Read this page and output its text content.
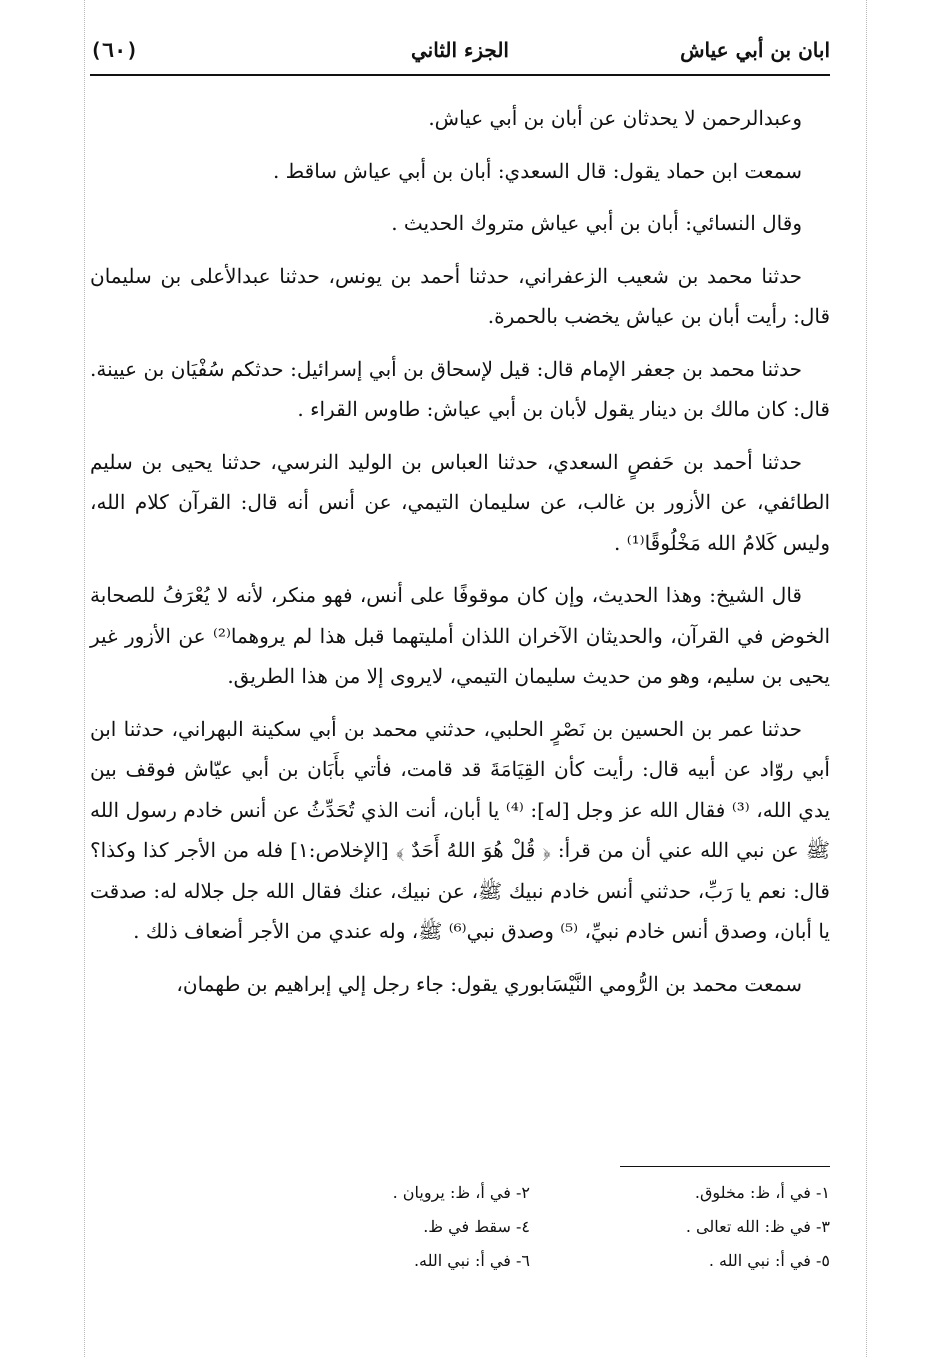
ابان بن أبي عياش
الجزء الثاني
(٦٠)

وعبدالرحمن لا يحدثان عن أبان بن أبي عياش.

سمعت ابن حماد يقول: قال السعدي: أبان بن أبي عياش ساقط .

وقال النسائي: أبان بن أبي عياش متروك الحديث .

حدثنا محمد بن شعيب الزعفراني، حدثنا أحمد بن يونس، حدثنا عبدالأعلى بن سليمان قال: رأيت أبان بن عياش يخضب بالحمرة.

حدثنا محمد بن جعفر الإمام قال: قيل لإسحاق بن أبي إسرائيل: حدثكم سُفْيَان بن عيينة. قال: كان مالك بن دينار يقول لأبان بن أبي عياش: طاوس القراء .

حدثنا أحمد بن حَفصٍ السعدي، حدثنا العباس بن الوليد النرسي، حدثنا يحيى بن سليم الطائفي، عن الأزور بن غالب، عن سليمان التيمي، عن أنس أنه قال: القرآن كلام الله، وليس كَلامُ الله مَخْلُوقًا⁽¹⁾ .

قال الشيخ: وهذا الحديث، وإن كان موقوفًا على أنس، فهو منكر، لأنه لا يُعْرَفُ للصحابة الخوض في القرآن، والحديثان الآخران اللذان أمليتهما قبل هذا لم يروهما⁽²⁾ عن الأزور غير يحيى بن سليم، وهو من حديث سليمان التيمي، لايروى إلا من هذا الطريق.

حدثنا عمر بن الحسين بن نَصْرٍ الحلبي، حدثني محمد بن أبي سكينة البهراني، حدثنا ابن أبي روّاد عن أبيه قال: رأيت كأن القِيَامَةَ قد قامت، فأتي بأَبَان بن أبي عيّاش فوقف بين يدي الله، ⁽³⁾ فقال الله عز وجل [له]: ⁽⁴⁾ يا أبان، أنت الذي تُحَدِّثُ عن أنس خادم رسول الله ﷺ عن نبي الله عني أن من قرأ: ﴿ قُلْ هُوَ اللهُ أَحَدٌ ﴾ [الإخلاص:١] فله من الأجر كذا وكذا؟ قال: نعم يا رَبِّ، حدثني أنس خادم نبيك ﷺ، عن نبيك، عنك فقال الله جل جلاله له: صدقت يا أبان، وصدق أنس خادم نبيِّ، ⁽⁵⁾ وصدق نبي⁽⁶⁾ ﷺ، وله عندي من الأجر أضعاف ذلك .

سمعت محمد بن الرُّومي النَّيْسَابوري يقول: جاء رجل إلي إبراهيم بن طهمان،

١- في أ، ظ: مخلوق.
٢- في أ، ظ: يرويان .
٣- في ظ: الله تعالى .
٤- سقط في ظ.
٥- في أ: نبي الله .
٦- في أ: نبي الله.
